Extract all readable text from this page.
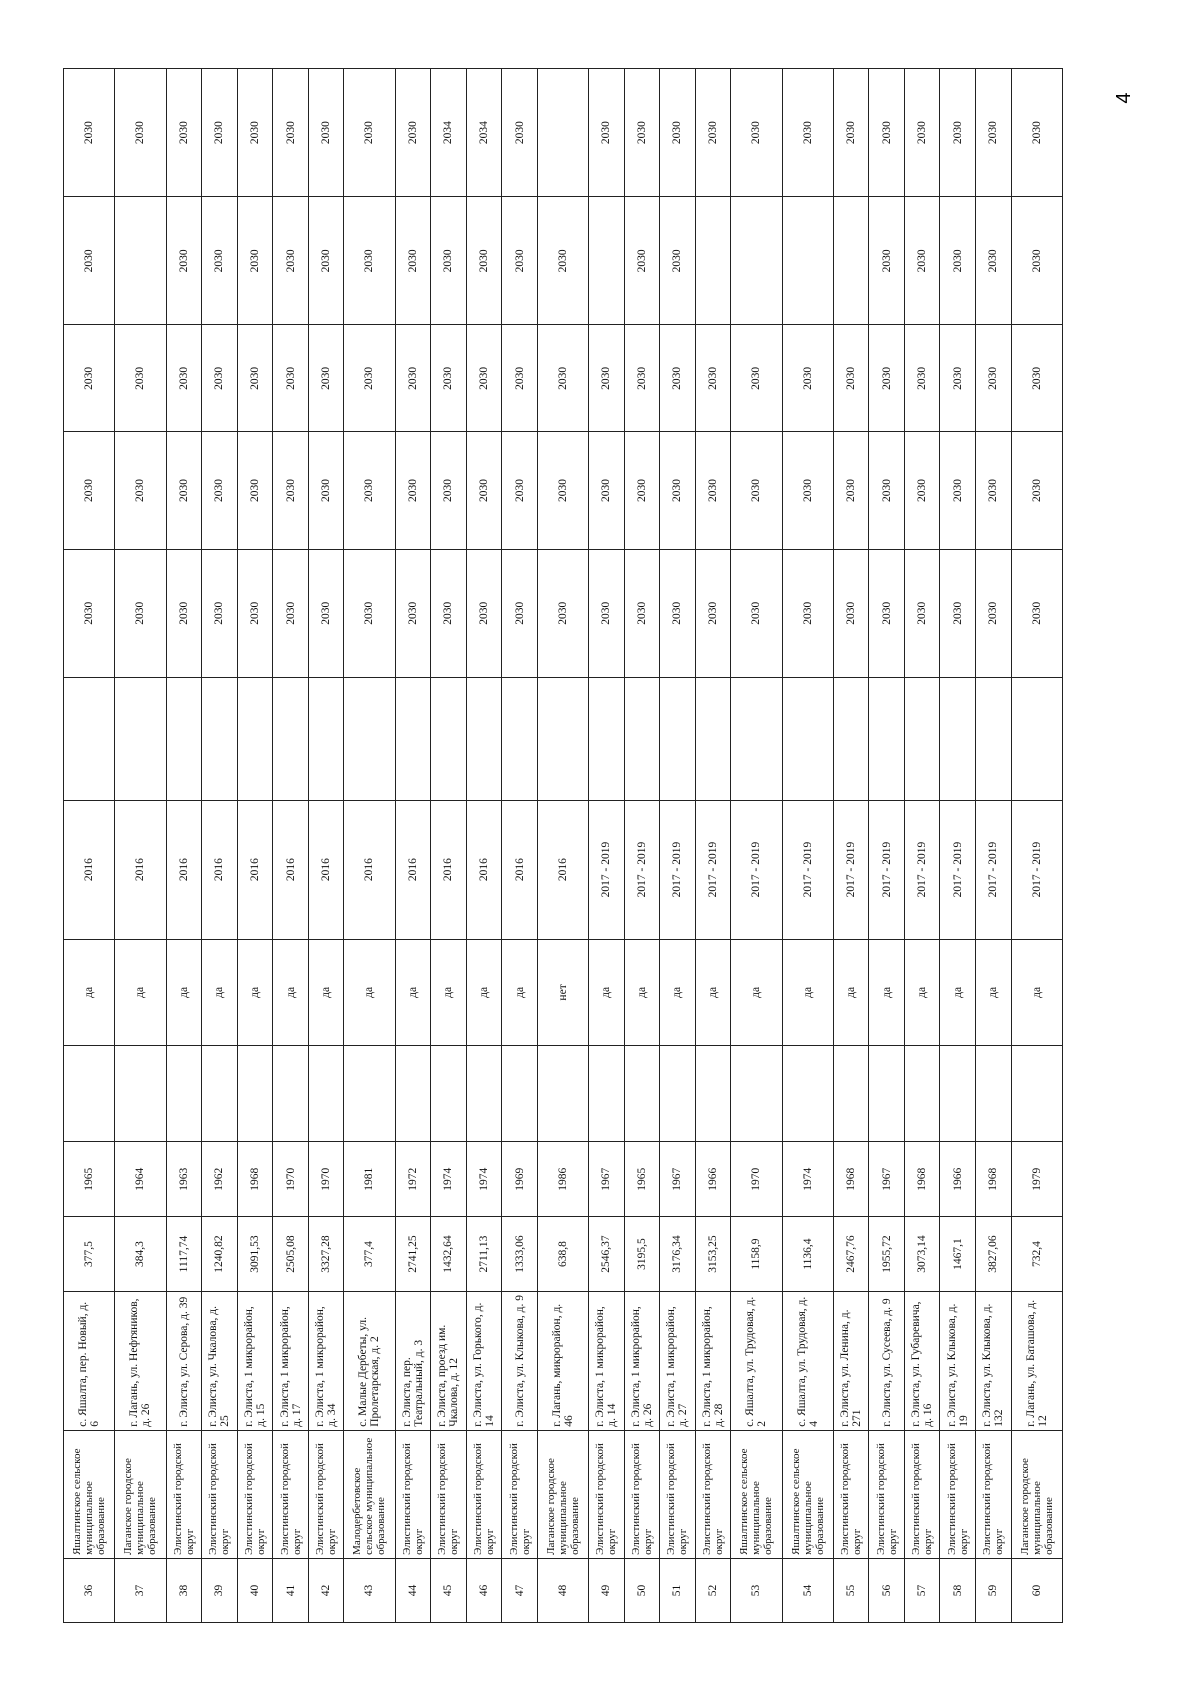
4
36	Яшалтинское сельское муниципальное образование	с. Яшалта, пер. Новый, д. 6	377,5	1965		да	2016		2030	2030	2030	2030	2030
37	Лаганское городское муниципальное образование	г. Лагань, ул. Нефтяников, д. 26	384,3	1964		да	2016		2030	2030	2030		2030
38	Элистинский городской округ	г. Элиста, ул. Серова, д. 39	1117,74	1963		да	2016		2030	2030	2030	2030	2030
39	Элистинский городской округ	г. Элиста, ул. Чкалова, д. 25	1240,82	1962		да	2016		2030	2030	2030	2030	2030
40	Элистинский городской округ	г. Элиста, 1 микрорайон, д. 15	3091,53	1968		да	2016		2030	2030	2030	2030	2030
41	Элистинский городской округ	г. Элиста, 1 микрорайон, д. 17	2505,08	1970		да	2016		2030	2030	2030	2030	2030
42	Элистинский городской округ	г. Элиста, 1 микрорайон, д. 34	3327,28	1970		да	2016		2030	2030	2030	2030	2030
43	Малодербетовское сельское муниципальное образование	с. Малые Дербеты, ул. Пролетарская, д. 2	377,4	1981		да	2016		2030	2030	2030	2030	2030
44	Элистинский городской округ	г. Элиста, пер. Театральный, д. 3	2741,25	1972		да	2016		2030	2030	2030	2030	2030
45	Элистинский городской округ	г. Элиста, проезд им. Чкалова, д. 12	1432,64	1974		да	2016		2030	2030	2030	2030	2034
46	Элистинский городской округ	г. Элиста, ул. Горького, д. 14	2711,13	1974		да	2016		2030	2030	2030	2030	2034
47	Элистинский городской округ	г. Элиста, ул. Клыкова, д. 9	1333,06	1969		да	2016		2030	2030	2030	2030	2030
48	Лаганское городское муниципальное образование	г. Лагань, микрорайон, д. 46	638,8	1986		нет	2016		2030	2030	2030	2030	
49	Элистинский городской округ	г. Элиста, 1 микрорайон, д. 14	2546,37	1967		да	2017 - 2019		2030	2030	2030		2030
50	Элистинский городской округ	г. Элиста, 1 микрорайон, д. 26	3195,5	1965		да	2017 - 2019		2030	2030	2030	2030	2030
51	Элистинский городской округ	г. Элиста, 1 микрорайон, д. 27	3176,34	1967		да	2017 - 2019		2030	2030	2030	2030	2030
52	Элистинский городской округ	г. Элиста, 1 микрорайон, д. 28	3153,25	1966		да	2017 - 2019		2030	2030	2030		2030
53	Яшалтинское сельское муниципальное образование	с. Яшалта, ул. Трудовая, д. 2	1158,9	1970		да	2017 - 2019		2030	2030	2030		2030
54	Яшалтинское сельское муниципальное образование	с. Яшалта, ул. Трудовая, д. 4	1136,4	1974		да	2017 - 2019		2030	2030	2030		2030
55	Элистинский городской округ	г. Элиста, ул. Ленина, д. 271	2467,76	1968		да	2017 - 2019		2030	2030	2030		2030
56	Элистинский городской округ	г. Элиста, ул. Сусеева, д. 9	1955,72	1967		да	2017 - 2019		2030	2030	2030	2030	2030
57	Элистинский городской округ	г. Элиста, ул. Губаревича, д. 16	3073,14	1968		да	2017 - 2019		2030	2030	2030	2030	2030
58	Элистинский городской округ	г. Элиста, ул. Клыкова, д. 19	1467,1	1966		да	2017 - 2019		2030	2030	2030	2030	2030
59	Элистинский городской округ	г. Элиста, ул. Клыкова, д. 132	3827,06	1968		да	2017 - 2019		2030	2030	2030	2030	2030
60	Лаганское городское муниципальное образование	г. Лагань, ул. Баташова, д. 12	732,4	1979		да	2017 - 2019		2030	2030	2030	2030	2030
